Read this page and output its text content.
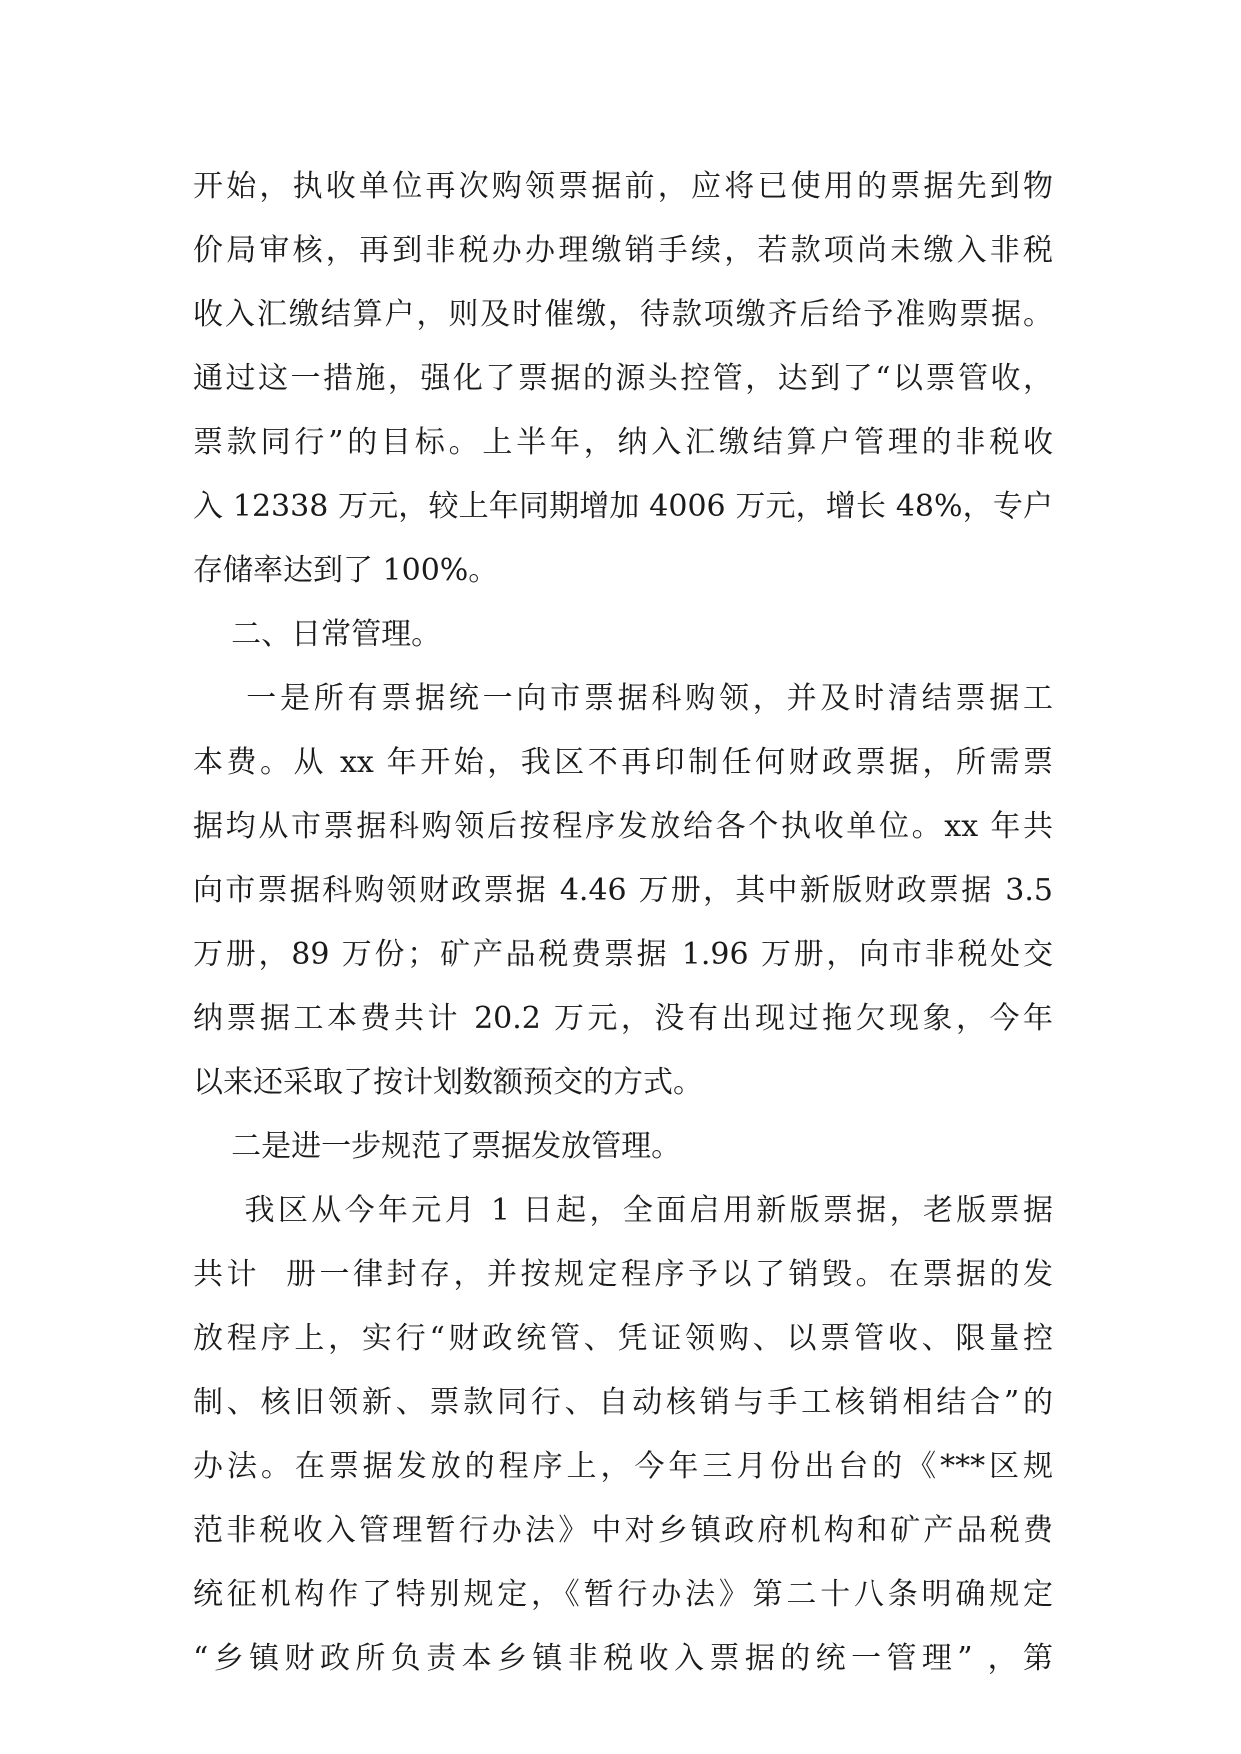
开始，执收单位再次购领票据前，应将已使用的票据先到物
价局审核，再到非税办办理缴销手续，若款项尚未缴入非税
收入汇缴结算户，则及时催缴，待款项缴齐后给予准购票据。
通过这一措施，强化了票据的源头控管，达到了“以票管收，
票款同行”的目标。上半年，纳入汇缴结算户管理的非税收
入 12338 万元，较上年同期增加 4006 万元，增长 48%，专户
存储率达到了 100%。
二、日常管理。
一是所有票据统一向市票据科购领，并及时清结票据工
本费。从 xx 年开始，我区不再印制任何财政票据，所需票
据均从市票据科购领后按程序发放给各个执收单位。xx 年共
向市票据科购领财政票据 4.46 万册，其中新版财政票据 3.5
万册，89 万份；矿产品税费票据 1.96 万册，向市非税处交
纳票据工本费共计 20.2 万元，没有出现过拖欠现象，今年
以来还采取了按计划数额预交的方式。
二是进一步规范了票据发放管理。
我区从今年元月 1 日起，全面启用新版票据，老版票据
共计  册一律封存，并按规定程序予以了销毁。在票据的发
放程序上，实行“财政统管、凭证领购、以票管收、限量控
制、核旧领新、票款同行、自动核销与手工核销相结合”的
办法。在票据发放的程序上，今年三月份出台的《***区规
范非税收入管理暂行办法》中对乡镇政府机构和矿产品税费
统征机构作了特别规定，《暂行办法》第二十八条明确规定
“乡镇财政所负责本乡镇非税收入票据的统一管理” ，第
